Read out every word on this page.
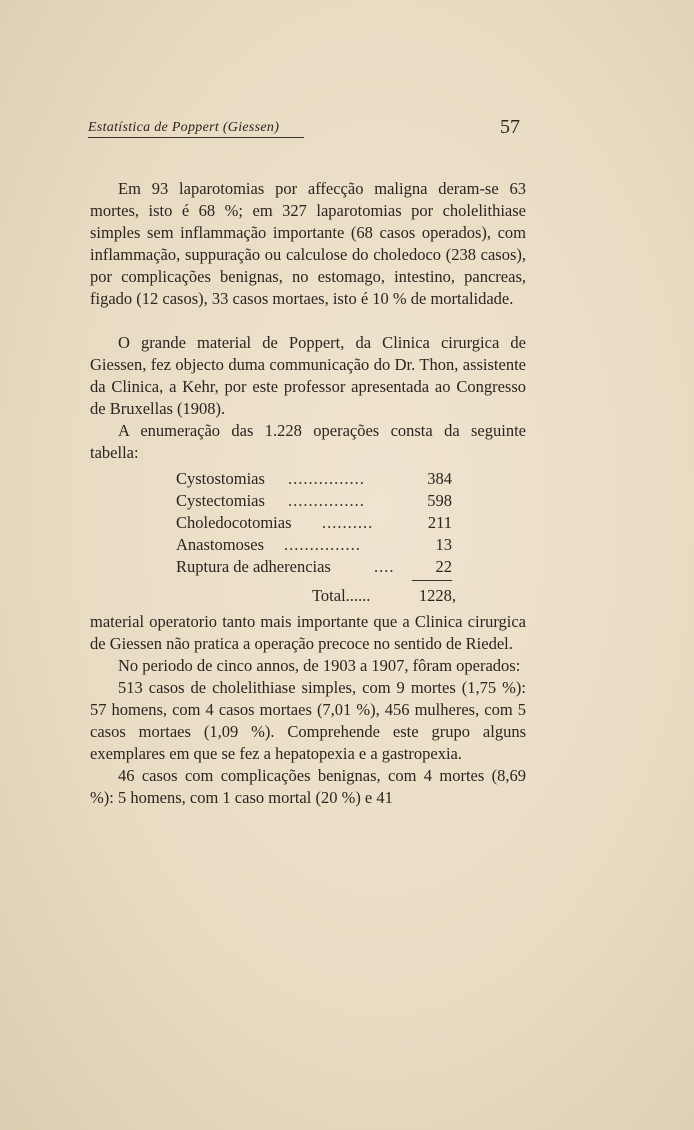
Estatística de Poppert (Giessen)	57

Em 93 laparotomias por affecção maligna deram-se 63 mortes, isto é 68 %; em 327 laparotomias por cholelithiase simples sem inflammação importante (68 casos operados), com inflammação, suppuração ou calculose do choledoco (238 casos), por complicações benignas, no estomago, intestino, pancreas, figado (12 casos), 33 casos mortaes, isto é 10 % de mortalidade.

O grande material de Poppert, da Clinica cirurgica de Giessen, fez objecto duma communicação do Dr. Thon, assistente da Clinica, a Kehr, por este professor apresentada ao Congresso de Bruxellas (1908).

A enumeração das 1.228 operações consta da seguinte tabella:

Cystostomias ...............	384
Cystectomias ...............	598
Choledocotomias ..........	211
Anastomoses ...............	13
Ruptura de adherencias	....	22
Total......	1228,

material operatorio tanto mais importante que a Clinica cirurgica de Giessen não pratica a operação precoce no sentido de Riedel.

No periodo de cinco annos, de 1903 a 1907, fôram operados:

513 casos de cholelithiase simples, com 9 mortes (1,75 %): 57 homens, com 4 casos mortaes (7,01 %), 456 mulheres, com 5 casos mortaes (1,09 %). Comprehende este grupo alguns exemplares em que se fez a hepatopexia e a gastropexia.

46 casos com complicações benignas, com 4 mortes (8,69 %): 5 homens, com 1 caso mortal (20 %) e 41
